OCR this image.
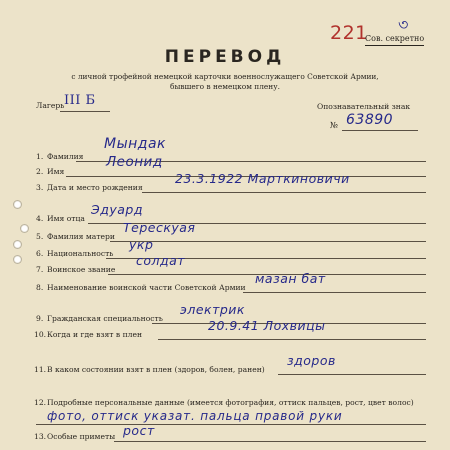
Сов. секретно
221 ৩
ПЕРЕВОД
с личной трофейной немецкой карточки военнослужащего Советской Армии,
бывшего в немецком плену.
Лагерь III Б	Опознавательный знак
№ 63890
1. Фамилия
Мындак
2. Имя
Леонид
3. Дата и место рождения
23.3.1922 Марткиновичи
4. Имя отца
Эдуард
5. Фамилия матери
Терескуая
6. Национальность
укр
7. Воинское звание
солдат
8. Наименование воинской части Советской Армии
мазан бат
9. Гражданская специальность
электрик
10. Когда и где взят в плен
20.9.41 Лохвицы
11. В каком состоянии взят в плен (здоров, болен, ранен)
здоров
12. Подробные персональные данные (имеется фотография, оттиск пальцев, рост, цвет волос)
фото, оттиск указат. пальца правой руки
13. Особые приметы рост
